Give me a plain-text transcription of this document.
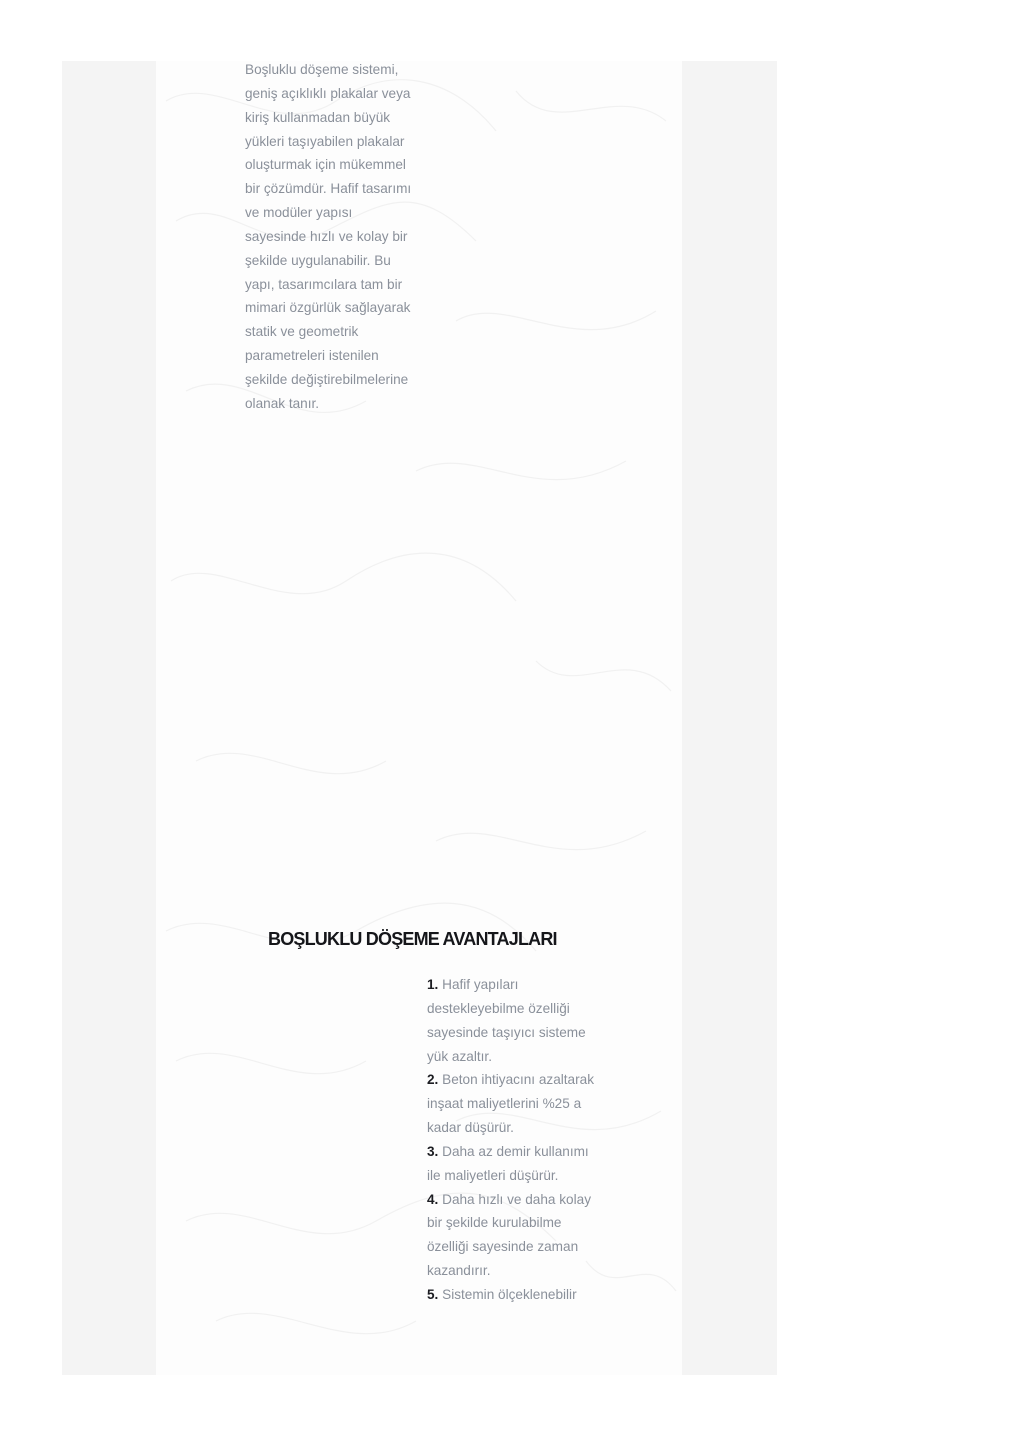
Boşluklu döşeme sistemi, geniş açıklıklı plakalar veya kiriş kullanmadan büyük yükleri taşıyabilen plakalar oluşturmak için mükemmel bir çözümdür. Hafif tasarımı ve modüler yapısı sayesinde hızlı ve kolay bir şekilde uygulanabilir. Bu yapı, tasarımcılara tam bir mimari özgürlük sağlayarak statik ve geometrik parametreleri istenilen şekilde değiştirebilmelerine olanak tanır.

BOŞLUKLU DÖŞEME AVANTAJLARI
1. Hafif yapıları destekleyebilme özelliği sayesinde taşıyıcı sisteme yük azaltır.
2. Beton ihtiyacını azaltarak inşaat maliyetlerini %25 a kadar düşürür.
3. Daha az demir kullanımı ile maliyetleri düşürür.
4. Daha hızlı ve daha kolay bir şekilde kurulabilme özelliği sayesinde zaman kazandırır.
5. Sistemin ölçeklenebilir
